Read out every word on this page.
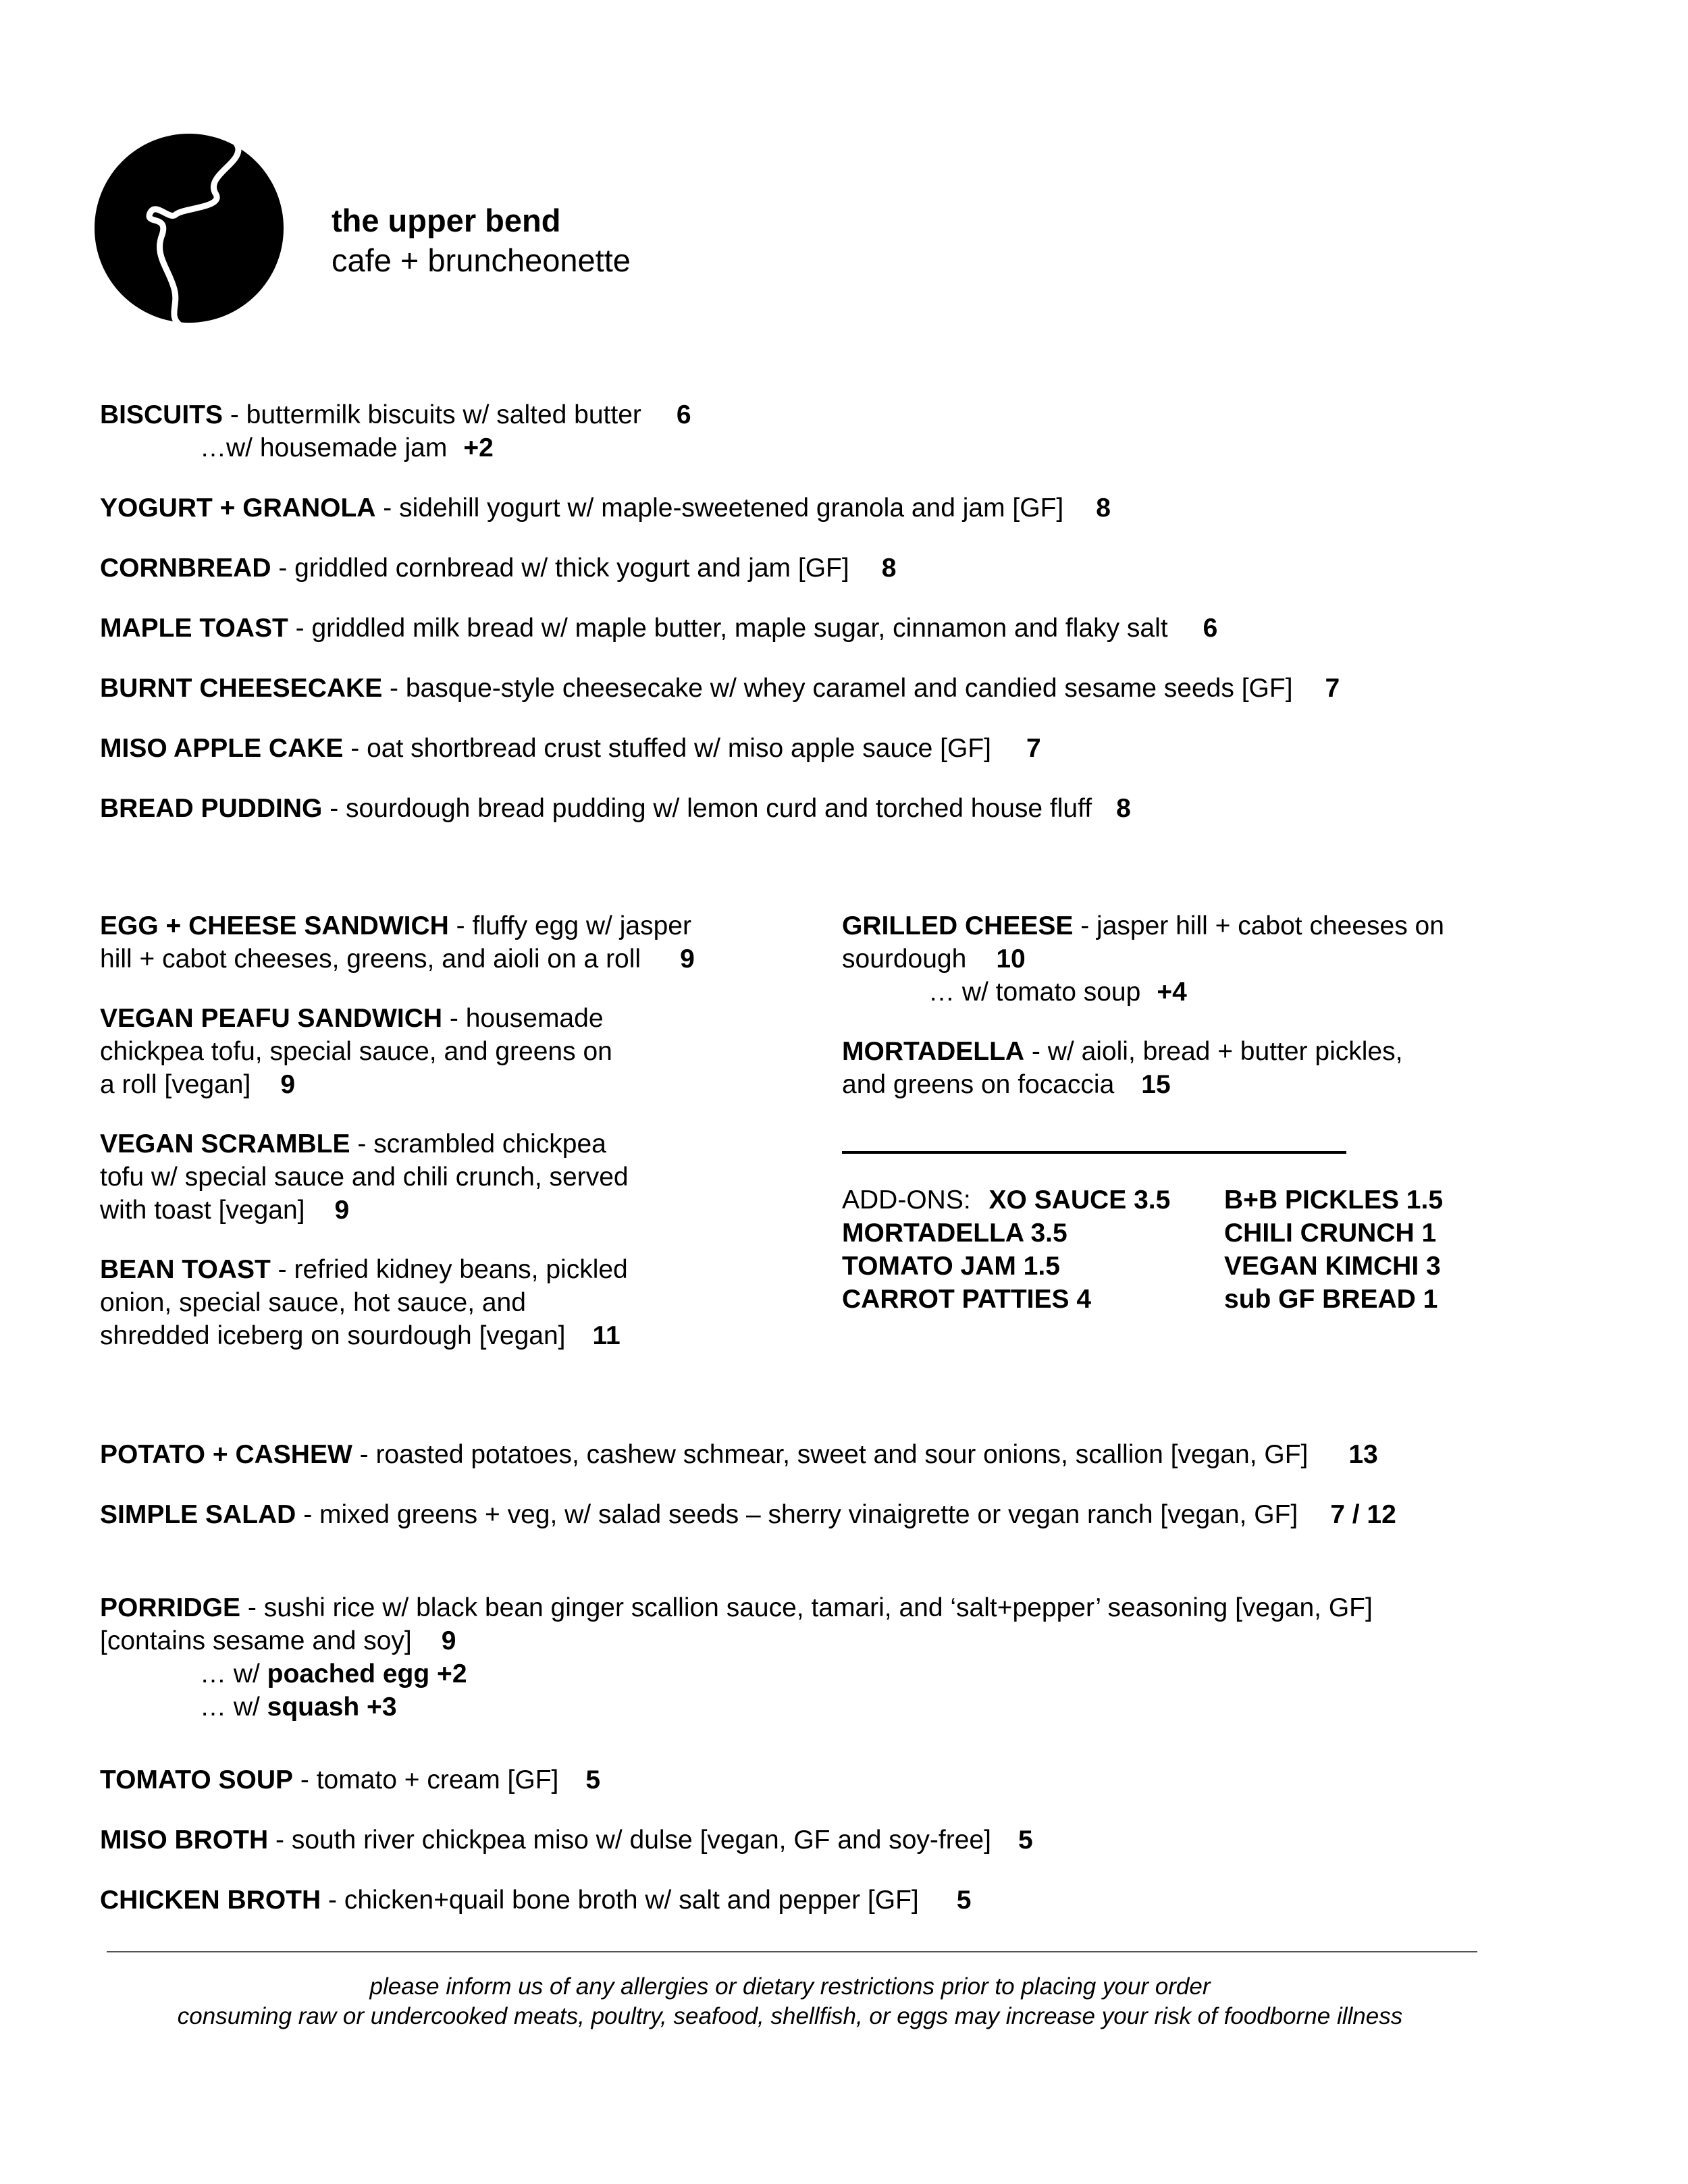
the upper bend
cafe + bruncheonette
BISCUITS - buttermilk biscuits w/ salted butter 6
…w/ housemade jam +2
YOGURT + GRANOLA - sidehill yogurt w/ maple-sweetened granola and jam [GF] 8
CORNBREAD - griddled cornbread w/ thick yogurt and jam [GF] 8
MAPLE TOAST - griddled milk bread w/ maple butter, maple sugar, cinnamon and flaky salt 6
BURNT CHEESECAKE - basque-style cheesecake w/ whey caramel and candied sesame seeds [GF] 7
MISO APPLE CAKE - oat shortbread crust stuffed w/ miso apple sauce [GF] 7
BREAD PUDDING - sourdough bread pudding w/ lemon curd and torched house fluff 8
EGG + CHEESE SANDWICH - fluffy egg w/ jasper
hill + cabot cheeses, greens, and aioli on a roll 9
VEGAN PEAFU SANDWICH - housemade
chickpea tofu, special sauce, and greens on
a roll [vegan] 9
VEGAN SCRAMBLE - scrambled chickpea
tofu w/ special sauce and chili crunch, served
with toast [vegan] 9
BEAN TOAST - refried kidney beans, pickled
onion, special sauce, hot sauce, and
shredded iceberg on sourdough [vegan] 11
GRILLED CHEESE - jasper hill + cabot cheeses on
sourdough 10
… w/ tomato soup +4
MORTADELLA - w/ aioli, bread + butter pickles,
and greens on focaccia 15
ADD-ONS: XO SAUCE 3.5 B+B PICKLES 1.5
MORTADELLA 3.5	CHILI CRUNCH 1
TOMATO JAM 1.5	VEGAN KIMCHI 3
CARROT PATTIES 4	sub GF BREAD 1
POTATO + CASHEW - roasted potatoes, cashew schmear, sweet and sour onions, scallion [vegan, GF] 13
SIMPLE SALAD - mixed greens + veg, w/ salad seeds – sherry vinaigrette or vegan ranch [vegan, GF] 7 / 12
PORRIDGE - sushi rice w/ black bean ginger scallion sauce, tamari, and ‘salt+pepper’ seasoning [vegan, GF]
[contains sesame and soy] 9
… w/ poached egg +2
… w/ squash +3
TOMATO SOUP - tomato + cream [GF] 5
MISO BROTH - south river chickpea miso w/ dulse [vegan, GF and soy-free] 5
CHICKEN BROTH - chicken+quail bone broth w/ salt and pepper [GF] 5
please inform us of any allergies or dietary restrictions prior to placing your order
consuming raw or undercooked meats, poultry, seafood, shellfish, or eggs may increase your risk of foodborne illness
